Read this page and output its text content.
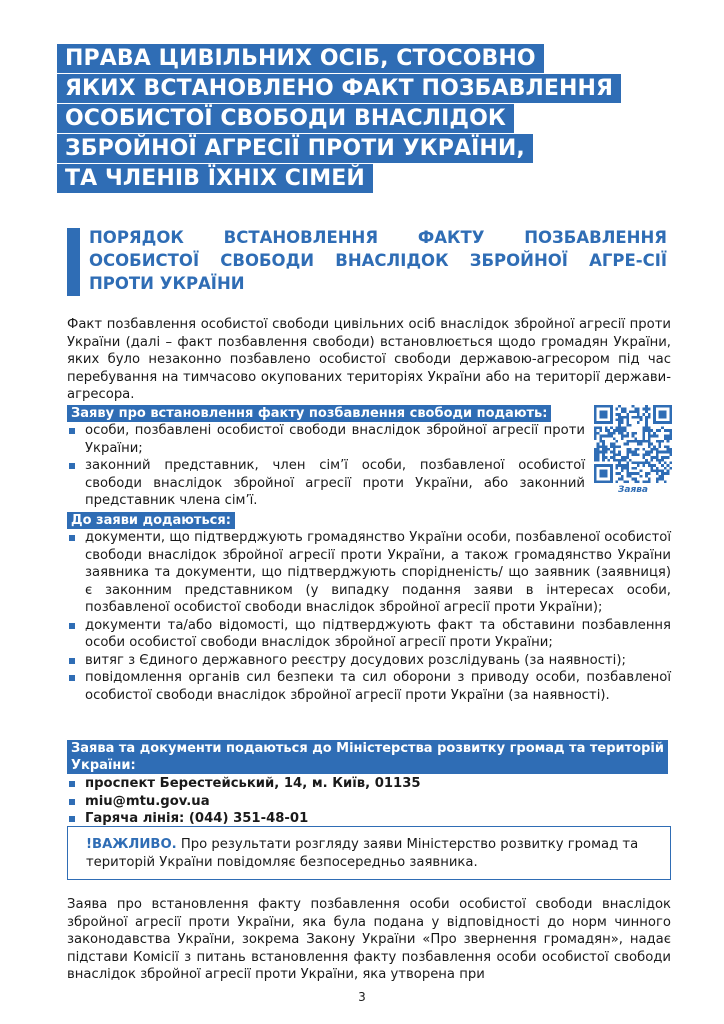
ПРАВА ЦИВІЛЬНИХ ОСІБ, СТОСОВНО
ЯКИХ ВСТАНОВЛЕНО ФАКТ ПОЗБАВЛЕННЯ
ОСОБИСТОЇ СВОБОДИ ВНАСЛІДОК
ЗБРОЙНОЇ АГРЕСІЇ ПРОТИ УКРАЇНИ,
ТА ЧЛЕНІВ ЇХНІХ СІМЕЙ
ПОРЯДОК ВСТАНОВЛЕННЯ ФАКТУ ПОЗБАВЛЕННЯ ОСОБИСТОЇ СВОБОДИ ВНАСЛІДОК ЗБРОЙНОЇ АГРЕ-СІЇ ПРОТИ УКРАЇНИ
Факт позбавлення особистої свободи цивільних осіб внаслідок збройної агресії проти України (далі – факт позбавлення свободи) встановлюється щодо громадян України, яких було незаконно позбавлено особистої свободи державою-агресором під час перебування на тимчасово окупованих територіях України або на території держави-агресора.
Заяву про встановлення факту позбавлення свободи подають:
особи, позбавлені особистої свободи внаслідок збройної агресії проти України;
законний представник, член сім’ї особи, позбавленої особистої свободи внаслідок збройної агресії проти України, або законний представник члена сім’ї.
Заява
До заяви додаються:
документи, що підтверджують громадянство України особи, позбавленої особистої свободи внаслідок збройної агресії проти України, а також громадянство України заявника та документи, що підтверджують спорідненість/ що заявник (заявниця) є законним представником (у випадку подання заяви в інтересах особи, позбавленої особистої свободи внаслідок збройної агресії проти України);
документи та/або відомості, що підтверджують факт та обставини позбавлення особи особистої свободи внаслідок збройної агресії проти України;
витяг з Єдиного державного реєстру досудових розслідувань (за наявності);
повідомлення органів сил безпеки та сил оборони з приводу особи, позбавленої особистої свободи внаслідок збройної агресії проти України (за наявності).
Заява та документи подаються до Міністерства розвитку громад та територій
України:
проспект Берестейський, 14, м. Київ, 01135
miu@mtu.gov.ua
Гаряча лінія: (044) 351-48-01
!ВАЖЛИВО. Про результати розгляду заяви Міністерство розвитку громад та територій України повідомляє безпосередньо заявника.
Заява про встановлення факту позбавлення особи особистої свободи внаслідок збройної агресії проти України, яка була подана у відповідності до норм чинного законодавства України, зокрема Закону України «Про звернення громадян», надає підстави Комісії з питань встановлення факту позбавлення особи особистої свободи внаслідок збройної агресії проти України, яка утворена при
3
